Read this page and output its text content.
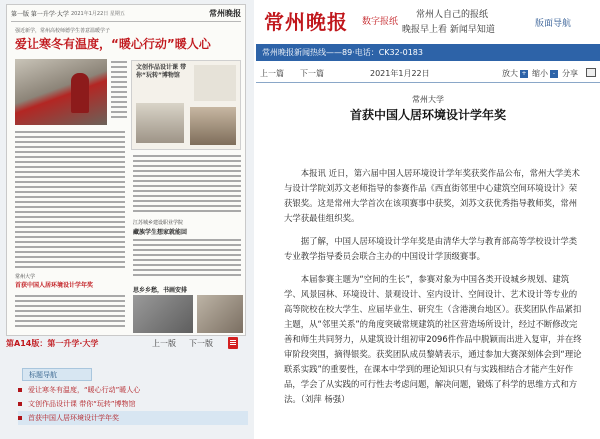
第一版 第一升学·大学 2021年1月22日 星期五	常州晚报
强近新学，常州高校师德学生善意温暖学子
爱让寒冬有温度，“暖心行动”暖人心
文创作品设计课 带你“玩转”博物馆
江苏城乡建设职业学院
藏族学生想家就能回
常州大学
首获中国人居环境设计学年奖
思乡乡愁，书画安排
第A14版：第一升学·大学	上一版 下一版
标题导航
爱让寒冬有温度，“暖心行动”暖人心
文创作品设计课 带你“玩转”博物馆
首获中国人居环境设计学年奖
常州晚报 数字报纸
常州人自己的报纸
晚报早上看 新闻早知道
版面导航
常州晚报新闻热线——89·电话：CK32-0183
上一篇 下一篇	2021年1月22日	放大 + 缩小 - 分享
常州大学
首获中国人居环境设计学年奖

本报讯 近日，第六届中国人居环境设计学年奖获奖作品公布，常州大学美术与设计学院刘苏文老师指导的参赛作品《西直街邻里中心建筑空间环境设计》荣获银奖。这是常州大学首次在该项赛事中获奖，刘苏文获优秀指导教师奖，常州大学获最佳组织奖。

据了解，中国人居环境设计学年奖是由清华大学与教育部高等学校设计学类专业教学指导委员会联合主办的中国设计学顶级赛事。

本届参赛主题为“空间的生长”，参赛对象为中国各类开设城乡规划、建筑学、风景园林、环境设计、景观设计、室内设计、空间设计、艺术设计等专业的高等院校在校大学生、应届毕业生、研究生（含港澳台地区）。获奖团队作品紧扣主题，从“邻里关系”的角度突破常规建筑的社区营造场所设计，经过不断修改完善和师生共同努力，从建筑设计组初审2096件作品中脱颖而出进入复审，并在终审阶段突围，摘得银奖。获奖团队成员黎婧表示，通过参加大赛深刻体会到“理论联系实践”的重要性，在课本中学到的理论知识只有与实践相结合才能产生好作品，学会了从实践的可行性去考虑问题，解决问题，锻炼了科学的思维方式和方法。（刘萍 杨强）
